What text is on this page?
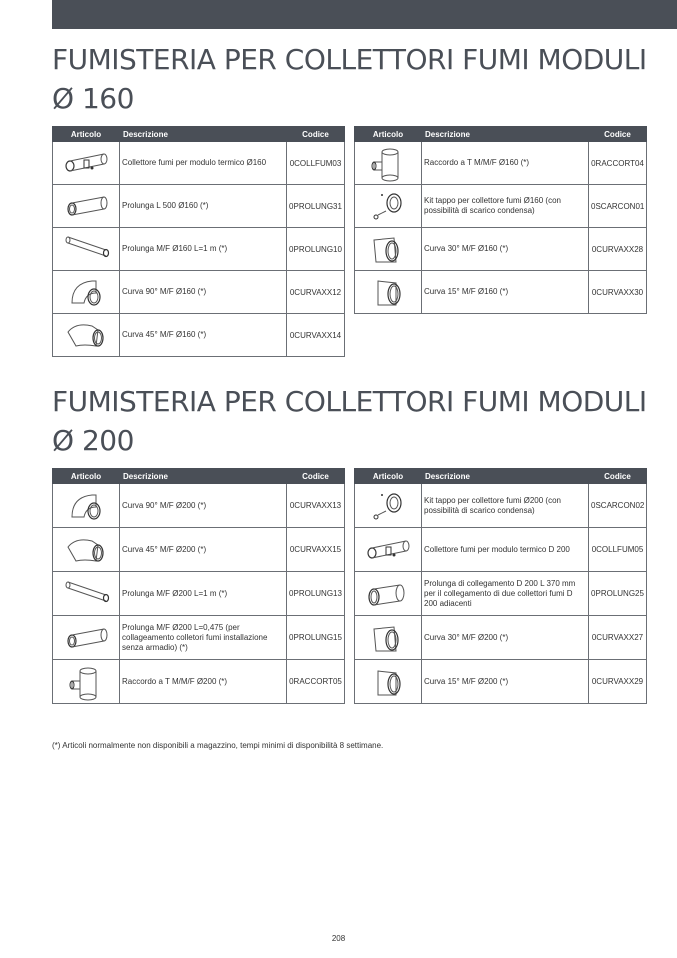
FUMISTERIA PER COLLETTORI FUMI MODULI
Ø 160
Articolo	Descrizione	Codice

	Collettore fumi per modulo termico Ø160	0COLLFUM03

	Prolunga L 500 Ø160 (*)	0PROLUNG31

	Prolunga M/F Ø160 L=1 m (*)	0PROLUNG10

	Curva 90° M/F Ø160 (*)	0CURVAXX12

	Curva 45° M/F Ø160 (*)	0CURVAXX14
Articolo	Descrizione	Codice

	Raccordo a T M/M/F Ø160 (*)	0RACCORT04

	Kit tappo per collettore fumi Ø160 (con possibilità di scarico condensa)	0SCARCON01

	Curva 30° M/F Ø160 (*)	0CURVAXX28

	Curva 15° M/F Ø160 (*)	0CURVAXX30
FUMISTERIA PER COLLETTORI FUMI MODULI
Ø 200
Articolo	Descrizione	Codice

	Curva 90° M/F Ø200 (*)	0CURVAXX13

	Curva 45° M/F Ø200 (*)	0CURVAXX15

	Prolunga M/F Ø200 L=1 m (*)	0PROLUNG13

	Prolunga M/F Ø200 L=0,475 (per collageamento colletori fumi installazione senza armadio) (*)	0PROLUNG15

	Raccordo a T M/M/F Ø200 (*)	0RACCORT05
Articolo	Descrizione	Codice

	Kit tappo per collettore fumi Ø200 (con possibilità di scarico condensa)	0SCARCON02

	Collettore fumi per modulo termico D 200	0COLLFUM05

	Prolunga di collegamento D 200 L 370 mm per il collegamento di due collettori fumi D 200 adiacenti	0PROLUNG25

	Curva 30° M/F Ø200 (*)	0CURVAXX27

	Curva 15° M/F Ø200 (*)	0CURVAXX29

(*) Articoli normalmente non disponibili a magazzino, tempi minimi di disponibilità 8 settimane.

208
